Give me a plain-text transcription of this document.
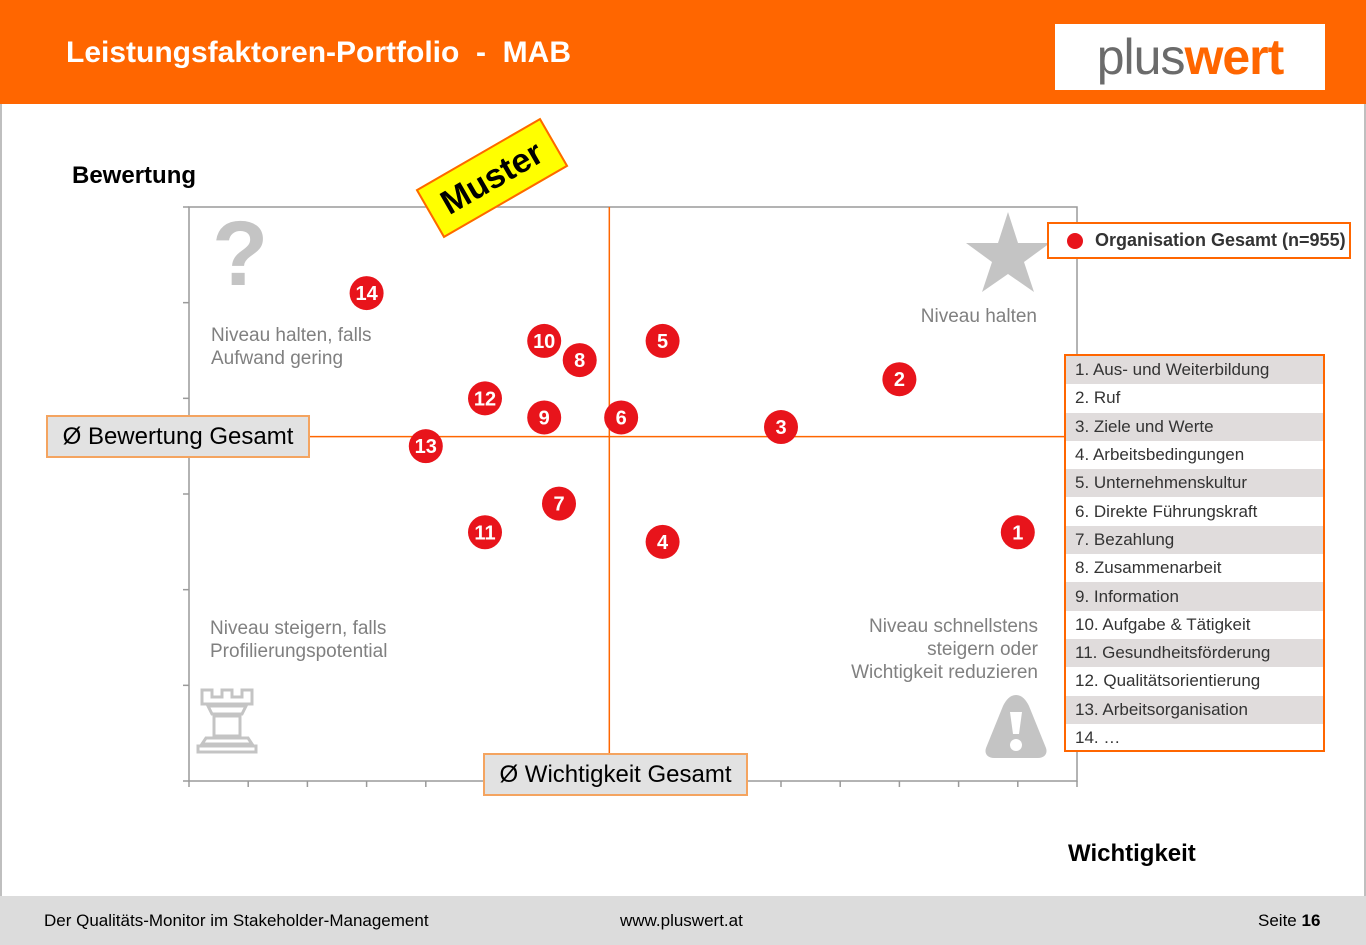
Leistungsfaktoren-Portfolio  -  MAB	plus wert
Bewertung
Wichtigkeit
?
Niveau halten, falls
Aufwand gering
Niveau halten
Niveau steigern, falls
Profilierungspotential
Niveau schnellstens
steigern oder
Wichtigkeit reduzieren
1
2
3
4
5
6
7
8
9
10
11
12
13
14
Muster
Ø Bewertung Gesamt
Ø Wichtigkeit Gesamt
Organisation Gesamt (n=955)
1. Aus- und Weiterbildung
2. Ruf
3. Ziele und Werte
4. Arbeitsbedingungen
5. Unternehmenskultur
6. Direkte Führungskraft
7. Bezahlung
8. Zusammenarbeit
9. Information
10. Aufgabe & Tätigkeit
11. Gesundheitsförderung
12. Qualitätsorientierung
13. Arbeitsorganisation
14. …
Der Qualitäts-Monitor im Stakeholder-Management	www.pluswert.at	Seite 16
